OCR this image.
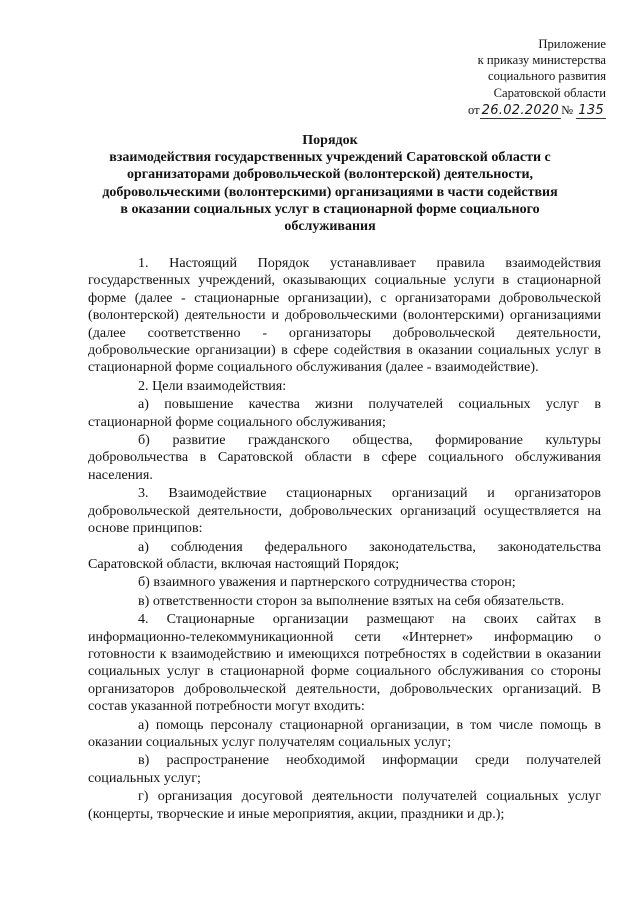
Приложение
к приказу министерства
социального развития
Саратовской области
от 26.02.2020 № 135
Порядок
взаимодействия государственных учреждений Саратовской области с
организаторами добровольческой (волонтерской) деятельности,
добровольческими (волонтерскими) организациями в части содействия
в оказании социальных услуг в стационарной форме социального
обслуживания

1. Настоящий Порядок устанавливает правила взаимодействия государственных учреждений, оказывающих социальные услуги в стационарной форме (далее - стационарные организации), с организаторами добровольческой (волонтерской) деятельности и добровольческими (волонтерскими) организациями (далее соответственно - организаторы добровольческой деятельности, добровольческие организации) в сфере содействия в оказании социальных услуг в стационарной форме социального обслуживания (далее - взаимодействие).

2. Цели взаимодействия:

а) повышение качества жизни получателей социальных услуг в стационарной форме социального обслуживания;

б) развитие гражданского общества, формирование культуры добровольчества в Саратовской области в сфере социального обслуживания населения.

3. Взаимодействие стационарных организаций и организаторов добровольческой деятельности, добровольческих организаций осуществляется на основе принципов:

а) соблюдения федерального законодательства, законодательства Саратовской области, включая настоящий Порядок;

б) взаимного уважения и партнерского сотрудничества сторон;

в) ответственности сторон за выполнение взятых на себя обязательств.

4. Стационарные организации размещают на своих сайтах в информационно-телекоммуникационной сети «Интернет» информацию о готовности к взаимодействию и имеющихся потребностях в содействии в оказании социальных услуг в стационарной форме социального обслуживания со стороны организаторов добровольческой деятельности, добровольческих организаций. В состав указанной потребности могут входить:

а) помощь персоналу стационарной организации, в том числе помощь в оказании социальных услуг получателям социальных услуг;

в) распространение необходимой информации среди получателей социальных услуг;

г) организация досуговой деятельности получателей социальных услуг (концерты, творческие и иные мероприятия, акции, праздники и др.);
